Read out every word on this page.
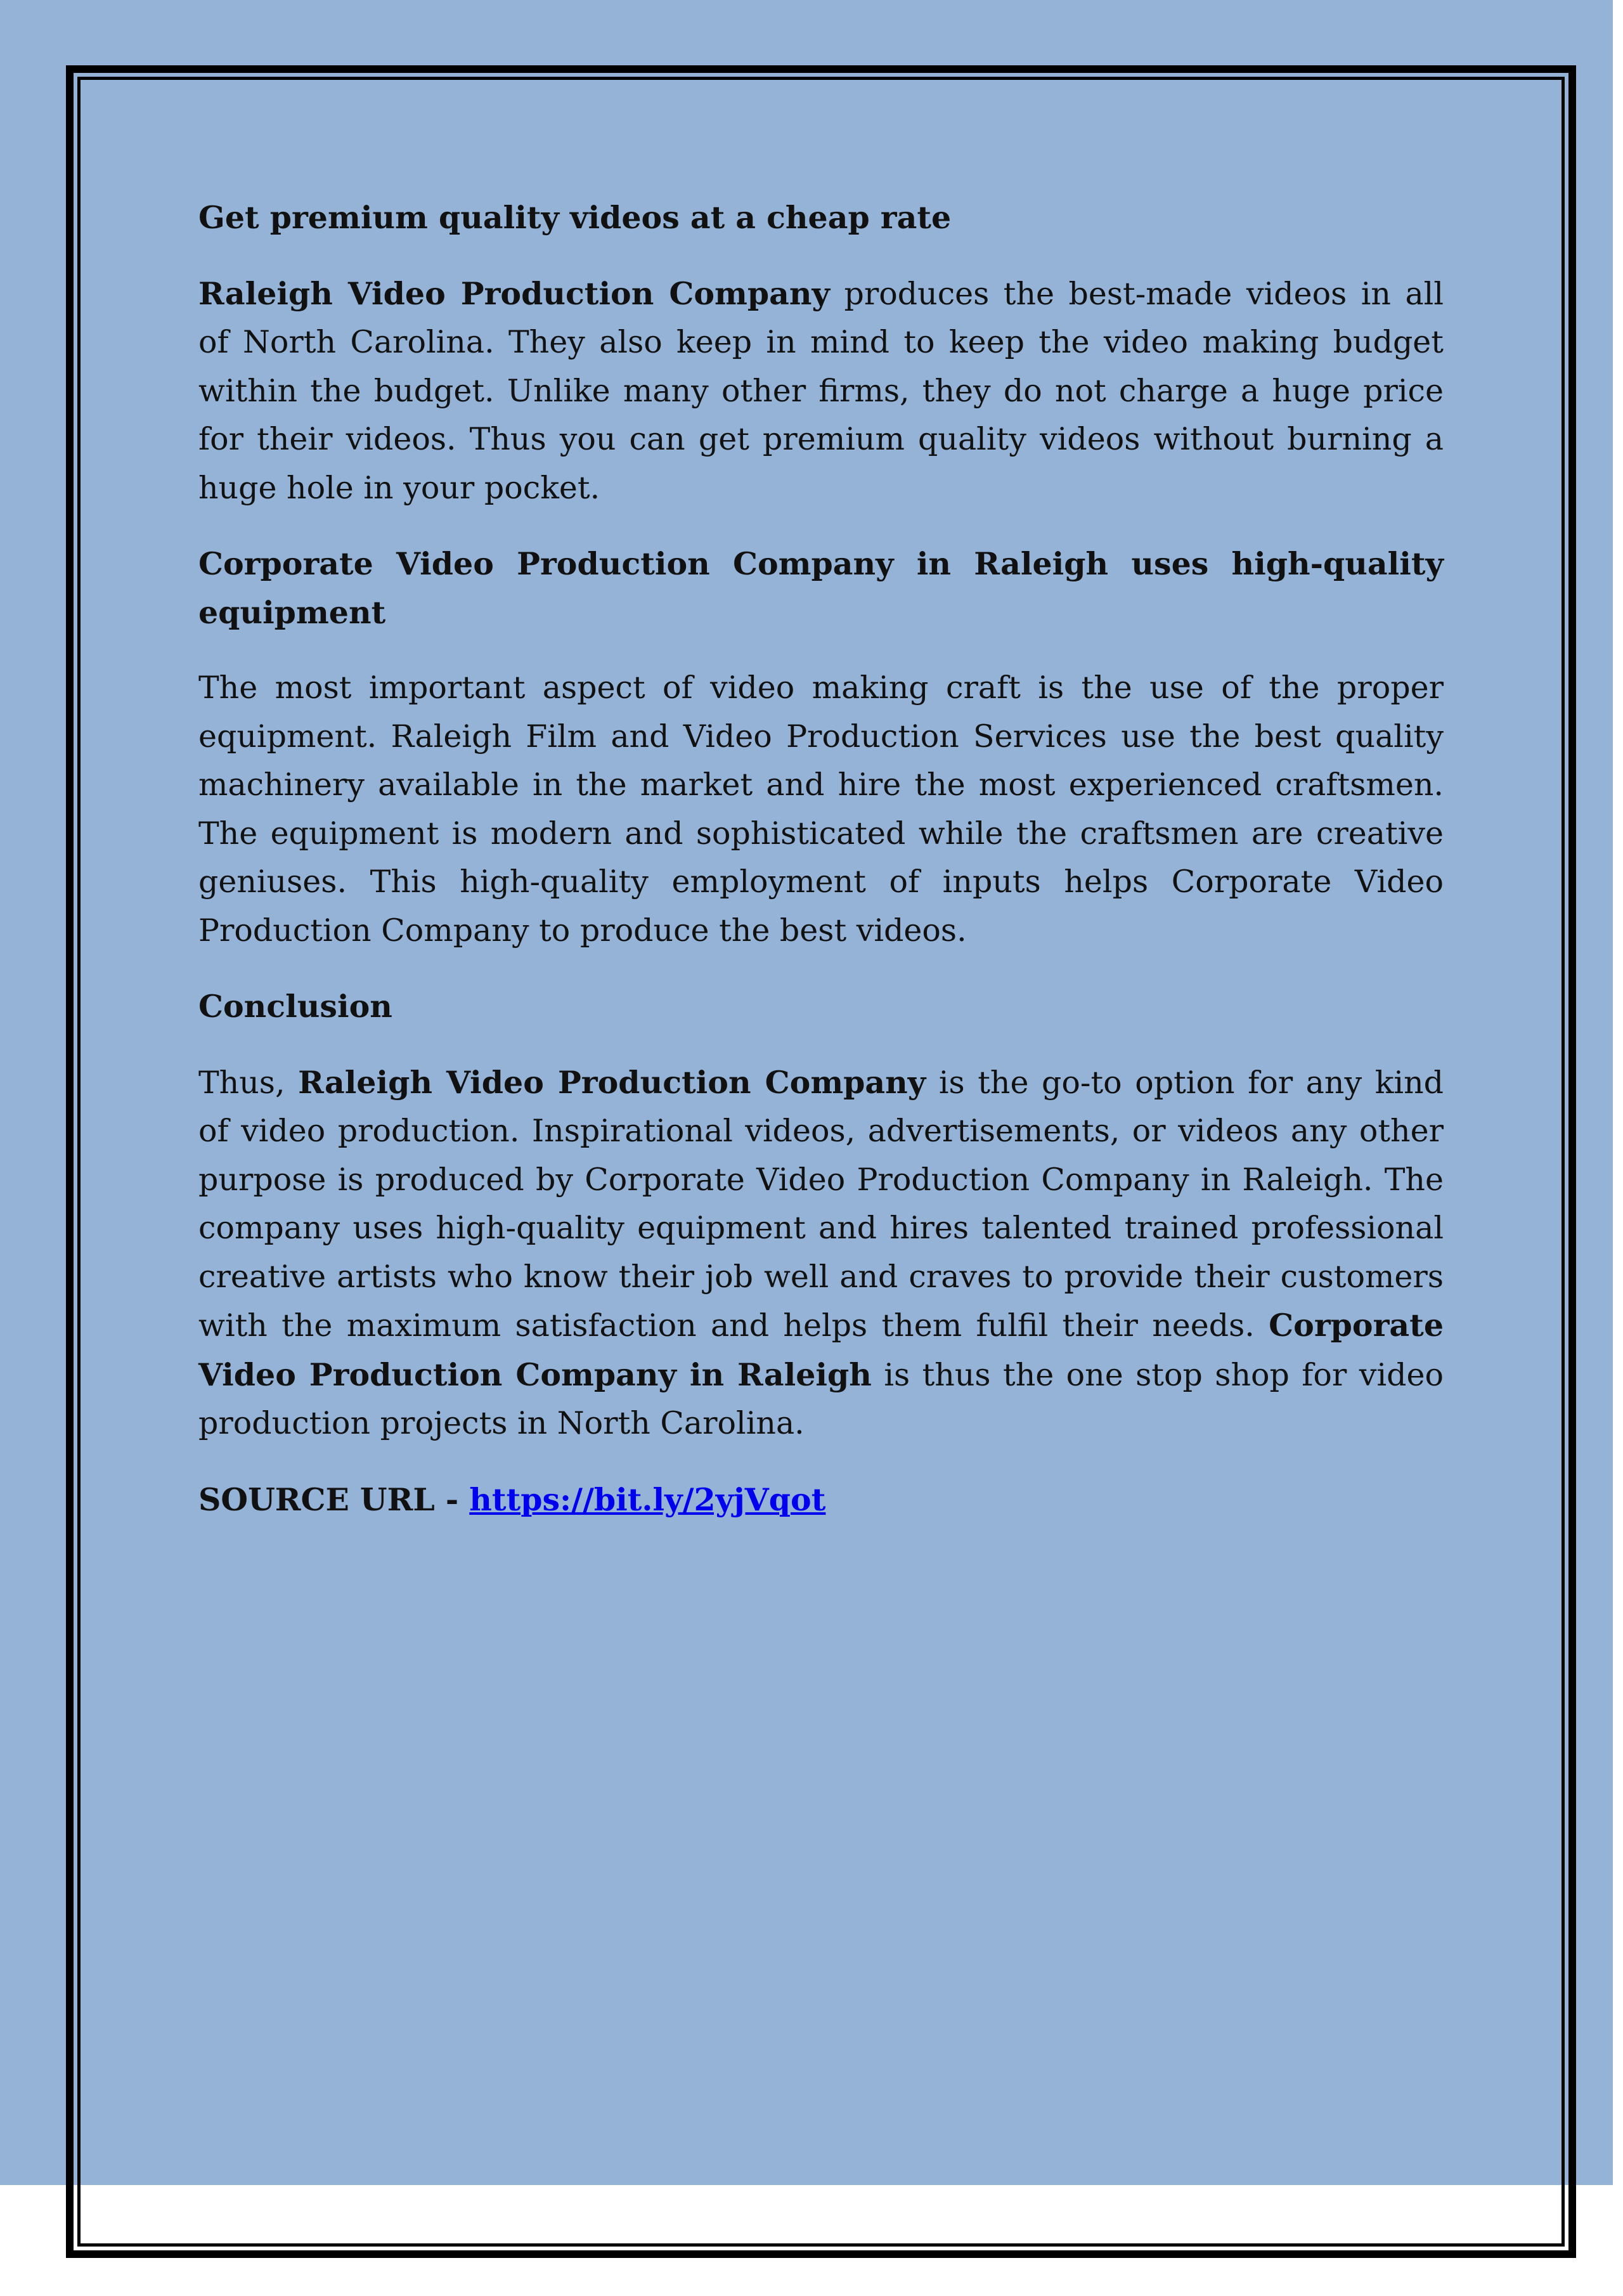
Get premium quality videos at a cheap rate

Raleigh Video Production Company produces the best-made videos in all of North Carolina. They also keep in mind to keep the video making budget within the budget. Unlike many other firms, they do not charge a huge price for their videos. Thus you can get premium quality videos without burning a huge hole in your pocket.

Corporate Video Production Company in Raleigh uses high-quality equipment

The most important aspect of video making craft is the use of the proper equipment. Raleigh Film and Video Production Services use the best quality machinery available in the market and hire the most experienced craftsmen. The equipment is modern and sophisticated while the craftsmen are creative geniuses. This high-quality employment of inputs helps Corporate Video Production Company to produce the best videos.

Conclusion

Thus, Raleigh Video Production Company is the go-to option for any kind of video production. Inspirational videos, advertisements, or videos any other purpose is produced by Corporate Video Production Company in Raleigh. The company uses high-quality equipment and hires talented trained professional creative artists who know their job well and craves to provide their customers with the maximum satisfaction and helps them fulfil their needs. Corporate Video Production Company in Raleigh is thus the one stop shop for video production projects in North Carolina.

SOURCE URL - https://bit.ly/2yjVqot
